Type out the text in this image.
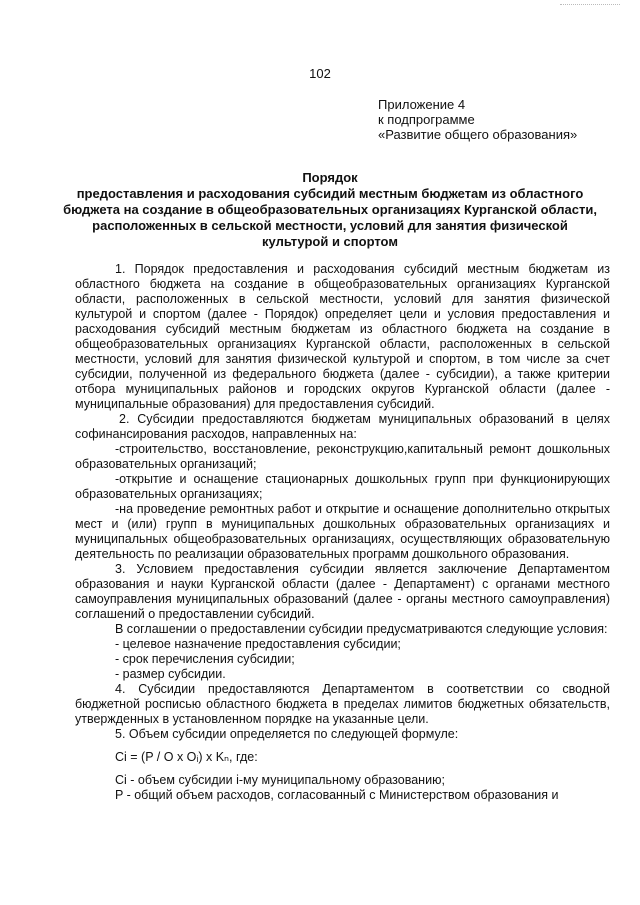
102
Приложение 4
к подпрограмме
«Развитие общего образования»
Порядок
предоставления и расходования субсидий местным бюджетам из областного
бюджета на создание в общеобразовательных организациях Курганской области,
расположенных в сельской местности, условий для занятия физической
культурой и спортом

1. Порядок предоставления и расходования субсидий местным бюджетам из областного бюджета на создание в общеобразовательных организациях Курганской области, расположенных в сельской местности, условий для занятия физической культурой и спортом (далее - Порядок) определяет цели и условия предоставления и расходования субсидий местным бюджетам из областного бюджета на создание в общеобразовательных организациях Курганской области, расположенных в сельской местности, условий для занятия физической культурой и спортом, в том числе за счет субсидии, полученной из федерального бюджета (далее - субсидии), а также критерии отбора муниципальных районов и городских округов Курганской области (далее - муниципальные образования) для предоставления субсидий.

2. Субсидии предоставляются бюджетам муниципальных образований в целях софинансирования расходов, направленных на:

-строительство, восстановление, реконструкцию,капитальный ремонт дошкольных образовательных организаций;

-открытие и оснащение стационарных дошкольных групп при функционирующих образовательных организациях;

-на проведение ремонтных работ и открытие и оснащение дополнительно открытых мест и (или) групп в муниципальных дошкольных образовательных организациях и муниципальных общеобразовательных организациях, осуществляющих образовательную деятельность по реализации образовательных программ дошкольного образования.

3. Условием предоставления субсидии является заключение Департаментом образования и науки Курганской области (далее - Департамент) с органами местного самоуправления муниципальных образований (далее - органы местного самоуправления) соглашений о предоставлении субсидий.

В соглашении о предоставлении субсидии предусматриваются следующие условия:

- целевое назначение предоставления субсидии;

- срок перечисления субсидии;

- размер субсидии.

4. Субсидии предоставляются Департаментом в соответствии со сводной бюджетной росписью областного бюджета в пределах лимитов бюджетных обязательств, утвержденных в установленном порядке на указанные цели.

5. Объем субсидии определяется по следующей формуле:

Ci = (P / O x Oᵢ) x Kₙ, где:

Ci - объем субсидии i-му муниципальному образованию;

P - общий объем расходов, согласованный с Министерством образования и
